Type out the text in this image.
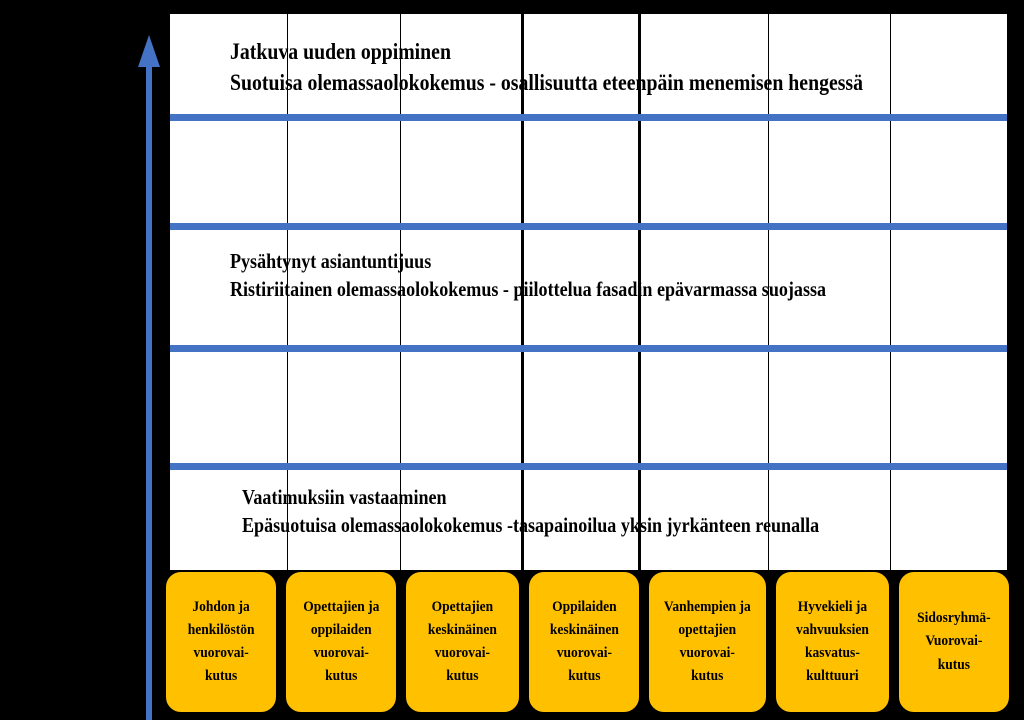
Jatkuva uuden oppiminen
Suotuisa olemassaolokokemus - osallisuutta eteenpäin menemisen hengessä
Pysähtynyt asiantuntijuus
Ristiriitainen olemassaolokokemus - piilottelua fasadin epävarmassa suojassa
Vaatimuksiin vastaaminen
Epäsuotuisa olemassaolokokemus -tasapainoilua yksin jyrkänteen reunalla
Johdon ja
henkilöstön
vuorovai-
kutus
Opettajien ja
oppilaiden
vuorovai-
kutus
Opettajien
keskinäinen
vuorovai-
kutus
Oppilaiden
keskinäinen
vuorovai-
kutus
Vanhempien ja
opettajien
vuorovai-
kutus
Hyvekieli ja
vahvuuksien
kasvatus-
kulttuuri
Sidosryhmä-
Vuorovai-
kutus
